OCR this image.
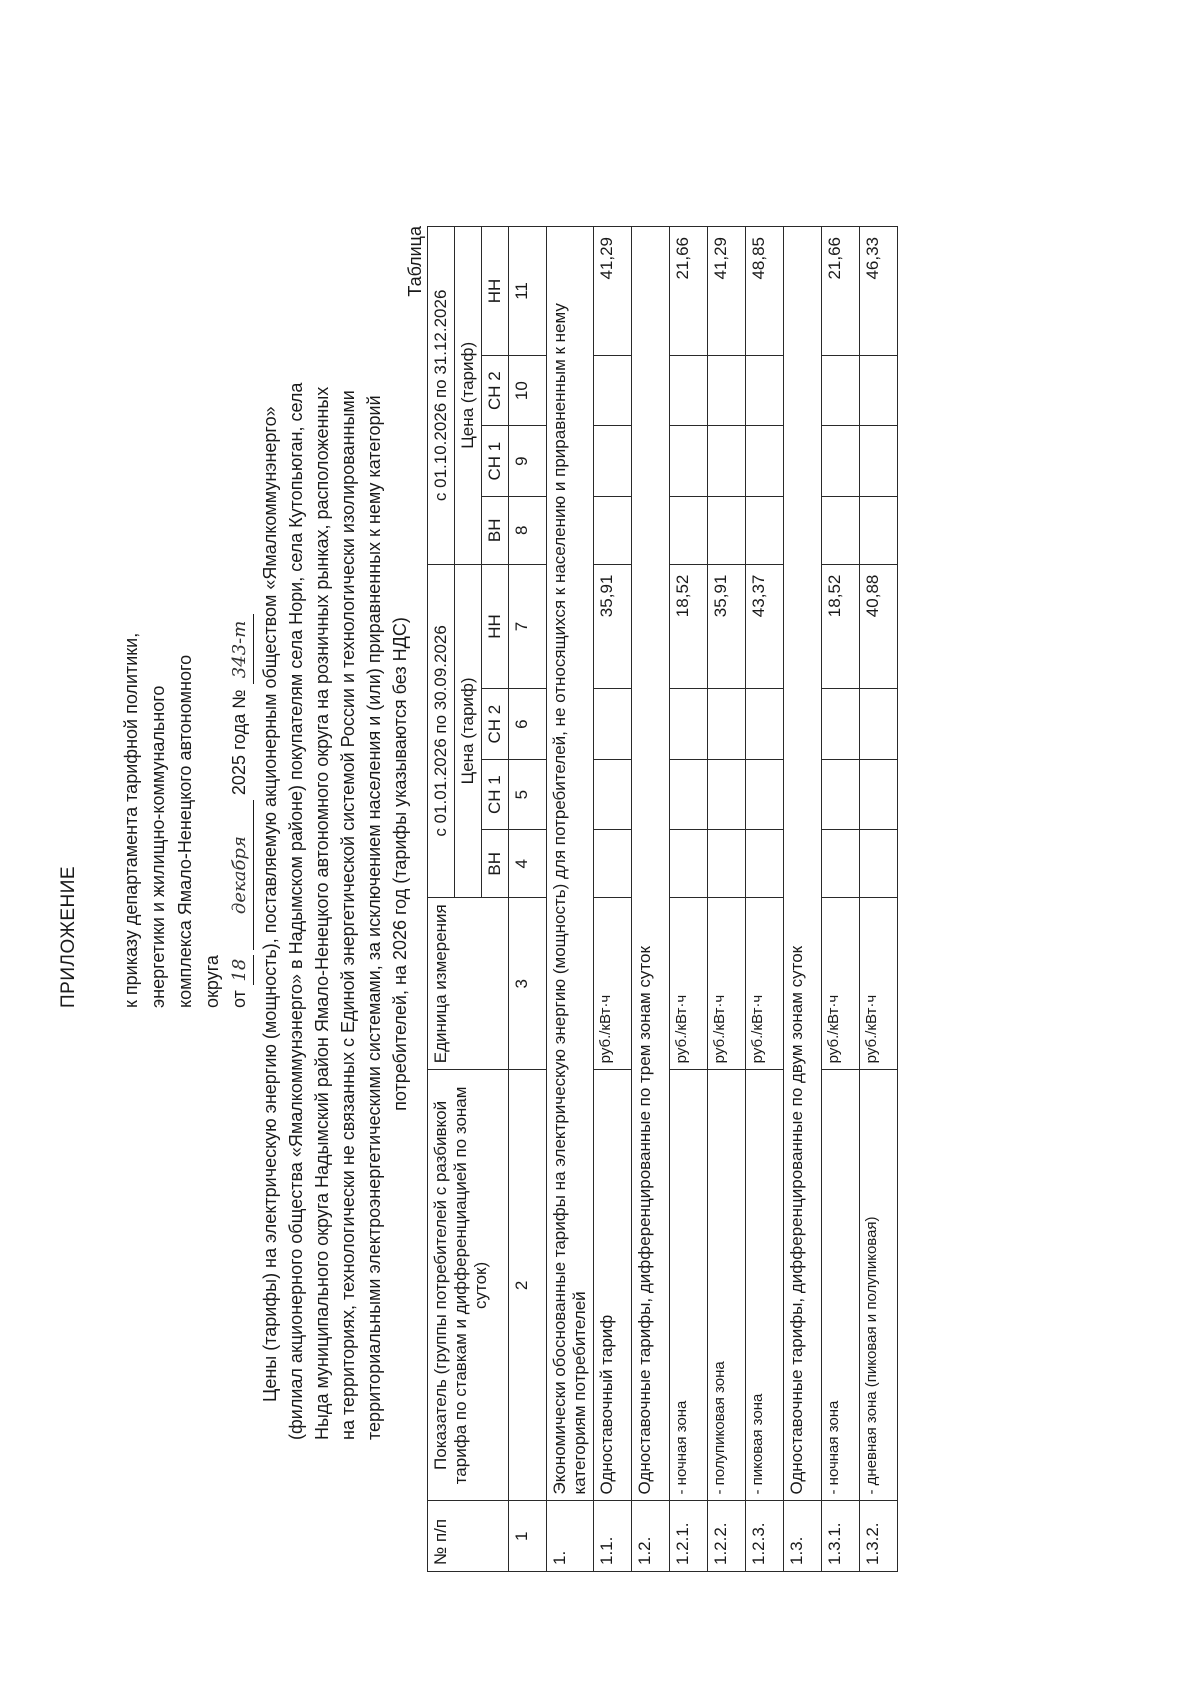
ПРИЛОЖЕНИЕ к приказу департамента тарифной политики, энергетики и жилищно-коммунального комплекса Ямало-Ненецкого автономного округа от 18 декабря 2025 года № 343-т Цены (тарифы) на электрическую энергию (мощность), поставляемую акционерным обществом «Ямалкоммунэнерго» (филиал акционерного общества «Ямалкоммунэнерго» в Надымском районе) покупателям села Нори, села Кутопьюган, села Ныда муниципального округа Надымский район Ямало-Ненецкого автономного округа на розничных рынках, расположенных на территориях, технологически не связанных с Единой энергетической системой России и технологически изолированными территориальными электроэнергетическими системами, за исключением населения и (или) приравненных к нему категорий потребителей, на 2026 год (тарифы указываются без НДС)
Таблица
№ п/п	Показатель (группы потребителей с разбивкой тарифа по ставкам и дифференциацией по зонам суток)	Единица измерения	с 01.01.2026 по 30.09.2026				с 01.10.2026 по 31.12.2026			
			Цена (тариф)				Цена (тариф)			
			ВН	СН 1	СН 2	НН	ВН	СН 1	СН 2	НН
1	2	3	4	5	6	7	8	9	10	11
1.	Экономически обоснованные тарифы на электрическую энергию (мощность) для потребителей, не относящихся к населению и приравненным к нему категориям потребителей									
1.1.	Одноставочный тариф	руб./кВт·ч				35,91				41,29
1.2.	Одноставочные тарифы, дифференцированные по трем зонам суток									
1.2.1.	- ночная зона	руб./кВт·ч				18,52				21,66
1.2.2.	- полупиковая зона	руб./кВт·ч				35,91				41,29
1.2.3.	- пиковая зона	руб./кВт·ч				43,37				48,85
1.3.	Одноставочные тарифы, дифференцированные по двум зонам суток									
1.3.1.	- ночная зона	руб./кВт·ч				18,52				21,66
1.3.2.	- дневная зона (пиковая и полупиковая)	руб./кВт·ч				40,88				46,33
